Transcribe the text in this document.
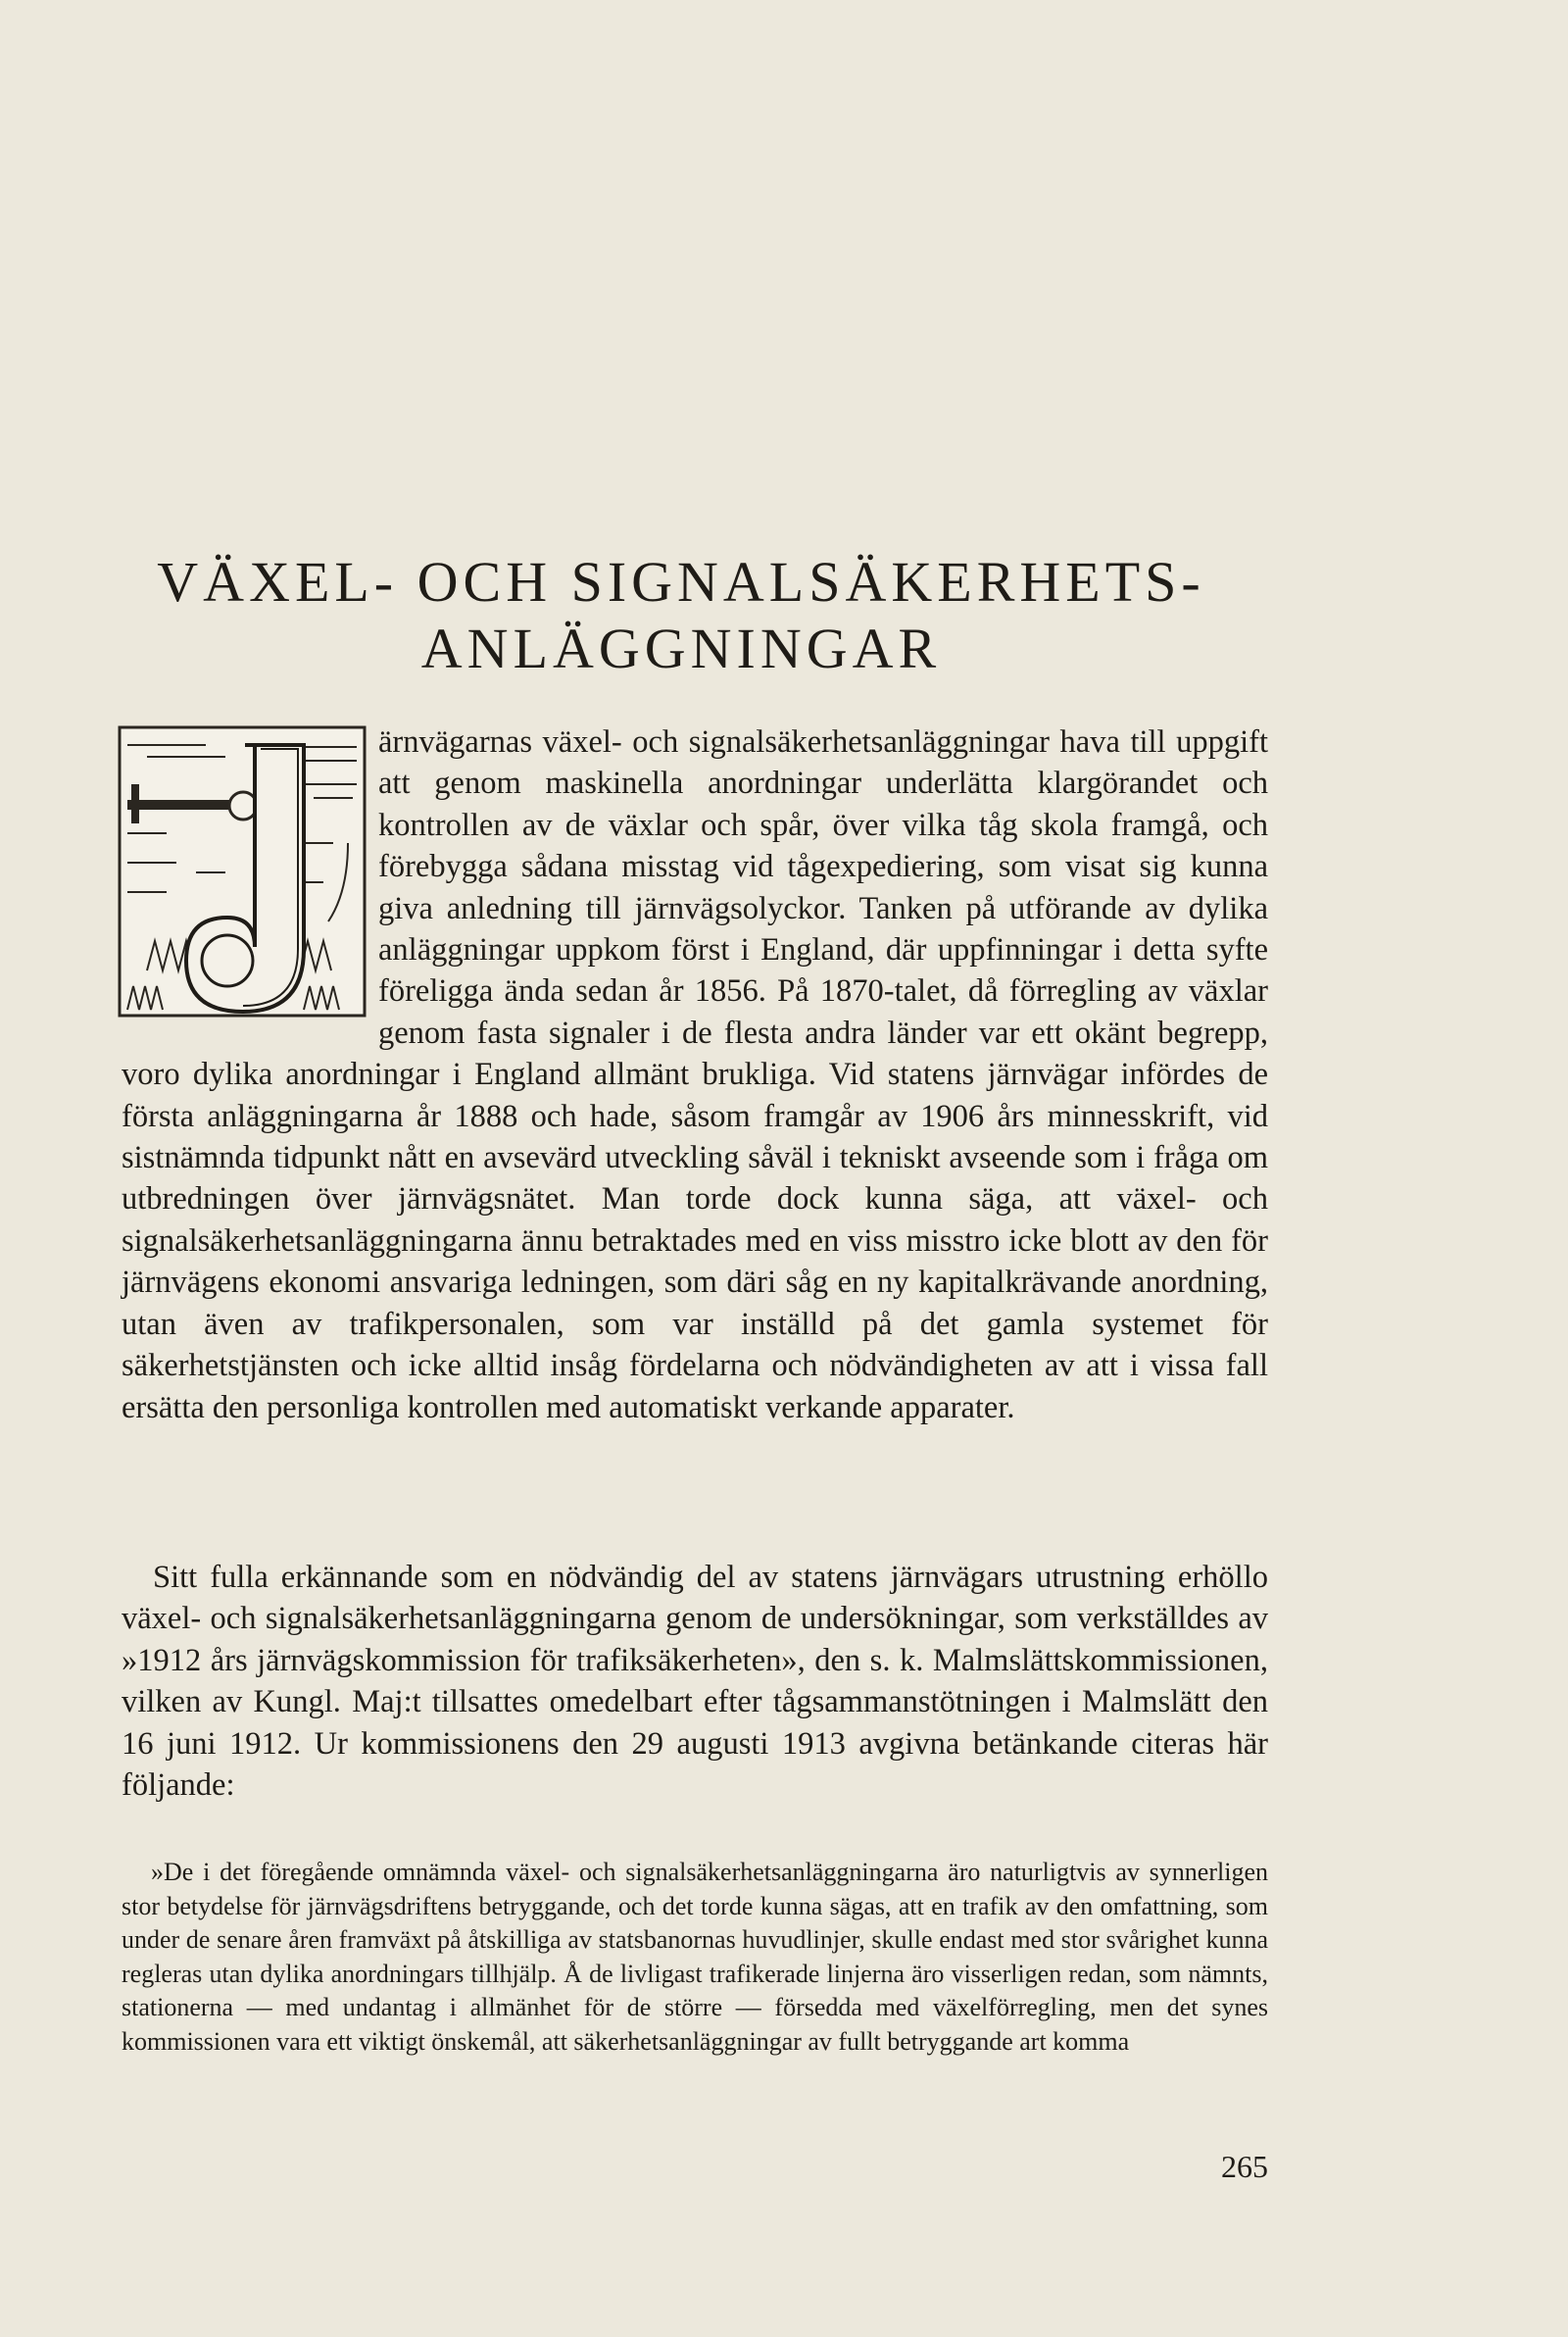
VÄXEL- OCH SIGNALSÄKERHETS-
ANLÄGGNINGAR

ärnvägarnas växel- och signalsäkerhetsanläggningar hava till uppgift att genom maskinella anordningar underlätta klargörandet och kontrollen av de växlar och spår, över vilka tåg skola framgå, och förebygga sådana misstag vid tågexpediering, som visat sig kunna giva anledning till järnvägsolyckor. Tanken på utförande av dylika anläggningar uppkom först i England, där uppfinningar i detta syfte föreligga ända sedan år 1856. På 1870-talet, då förregling av växlar genom fasta signaler i de flesta andra länder var ett okänt begrepp, voro dylika anordningar i England allmänt brukliga. Vid statens järnvägar infördes de första anläggningarna år 1888 och hade, såsom framgår av 1906 års minnesskrift, vid sistnämnda tidpunkt nått en avsevärd utveckling såväl i tekniskt avseende som i fråga om utbredningen över järnvägsnätet. Man torde dock kunna säga, att växel- och signalsäkerhetsanläggningarna ännu betraktades med en viss misstro icke blott av den för järnvägens ekonomi ansvariga ledningen, som däri såg en ny kapitalkrävande anordning, utan även av trafikpersonalen, som var inställd på det gamla systemet för säkerhetstjänsten och icke alltid insåg fördelarna och nödvändigheten av att i vissa fall ersätta den personliga kontrollen med automatiskt verkande apparater.

Sitt fulla erkännande som en nödvändig del av statens järnvägars utrustning erhöllo växel- och signalsäkerhetsanläggningarna genom de undersökningar, som verkställdes av »1912 års järnvägskommission för trafiksäkerheten», den s. k. Malmslättskommissionen, vilken av Kungl. Maj:t tillsattes omedelbart efter tågsammanstötningen i Malmslätt den 16 juni 1912. Ur kommissionens den 29 augusti 1913 avgivna betänkande citeras här följande:

»De i det föregående omnämnda växel- och signalsäkerhetsanläggningarna äro naturligtvis av synnerligen stor betydelse för järnvägsdriftens betryggande, och det torde kunna sägas, att en trafik av den omfattning, som under de senare åren framväxt på åtskilliga av statsbanornas huvudlinjer, skulle endast med stor svårighet kunna regleras utan dylika anordningars tillhjälp. Å de livligast trafikerade linjerna äro visserligen redan, som nämnts, stationerna — med undantag i allmänhet för de större — försedda med växelförregling, men det synes kommissionen vara ett viktigt önskemål, att säkerhetsanläggningar av fullt betryggande art komma

265
